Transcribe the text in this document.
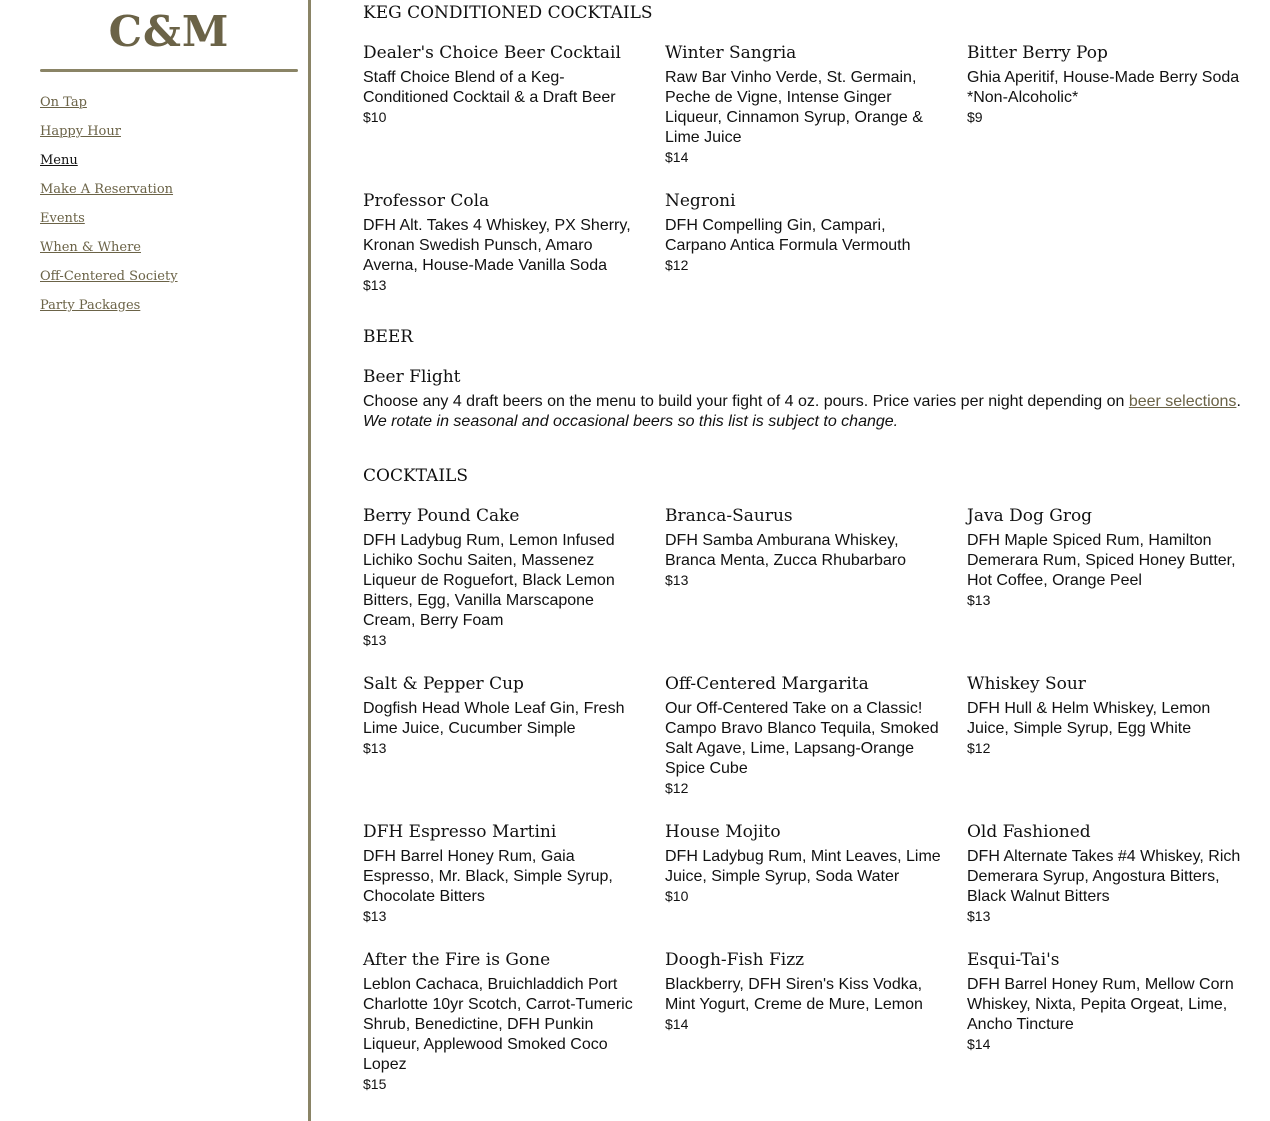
C&M
On Tap
Happy Hour
Menu
Make A Reservation
Events
When & Where
Off-Centered Society
Party Packages
KEG CONDITIONED COCKTAILS
Dealer's Choice Beer Cocktail
Staff Choice Blend of a Keg-Conditioned Cocktail & a Draft Beer
$10
Winter Sangria
Raw Bar Vinho Verde, St. Germain, Peche de Vigne, Intense Ginger Liqueur, Cinnamon Syrup, Orange & Lime Juice
$14
Bitter Berry Pop
Ghia Aperitif, House-Made Berry Soda *Non-Alcoholic*
$9
Professor Cola
DFH Alt. Takes 4 Whiskey, PX Sherry, Kronan Swedish Punsch, Amaro Averna, House-Made Vanilla Soda
$13
Negroni
DFH Compelling Gin, Campari, Carpano Antica Formula Vermouth
$12
BEER
Beer Flight
Choose any 4 draft beers on the menu to build your fight of 4 oz. pours. Price varies per night depending on beer selections.
We rotate in seasonal and occasional beers so this list is subject to change.
COCKTAILS
Berry Pound Cake
DFH Ladybug Rum, Lemon Infused Lichiko Sochu Saiten, Massenez Liqueur de Roguefort, Black Lemon Bitters, Egg, Vanilla Marscapone Cream, Berry Foam
$13
Branca-Saurus
DFH Samba Amburana Whiskey, Branca Menta, Zucca Rhubarbaro
$13
Java Dog Grog
DFH Maple Spiced Rum, Hamilton Demerara Rum, Spiced Honey Butter, Hot Coffee, Orange Peel
$13
Salt & Pepper Cup
Dogfish Head Whole Leaf Gin, Fresh Lime Juice, Cucumber Simple
$13
Off-Centered Margarita
Our Off-Centered Take on a Classic! Campo Bravo Blanco Tequila, Smoked Salt Agave, Lime, Lapsang-Orange Spice Cube
$12
Whiskey Sour
DFH Hull & Helm Whiskey, Lemon Juice, Simple Syrup, Egg White
$12
DFH Espresso Martini
DFH Barrel Honey Rum, Gaia Espresso, Mr. Black, Simple Syrup, Chocolate Bitters
$13
House Mojito
DFH Ladybug Rum, Mint Leaves, Lime Juice, Simple Syrup, Soda Water
$10
Old Fashioned
DFH Alternate Takes #4 Whiskey, Rich Demerara Syrup, Angostura Bitters, Black Walnut Bitters
$13
After the Fire is Gone
Leblon Cachaca, Bruichladdich Port Charlotte 10yr Scotch, Carrot-Tumeric Shrub, Benedictine, DFH Punkin Liqueur, Applewood Smoked Coco Lopez
$15
Doogh-Fish Fizz
Blackberry, DFH Siren's Kiss Vodka, Mint Yogurt, Creme de Mure, Lemon
$14
Esqui-Tai's
DFH Barrel Honey Rum, Mellow Corn Whiskey, Nixta, Pepita Orgeat, Lime, Ancho Tincture
$14
